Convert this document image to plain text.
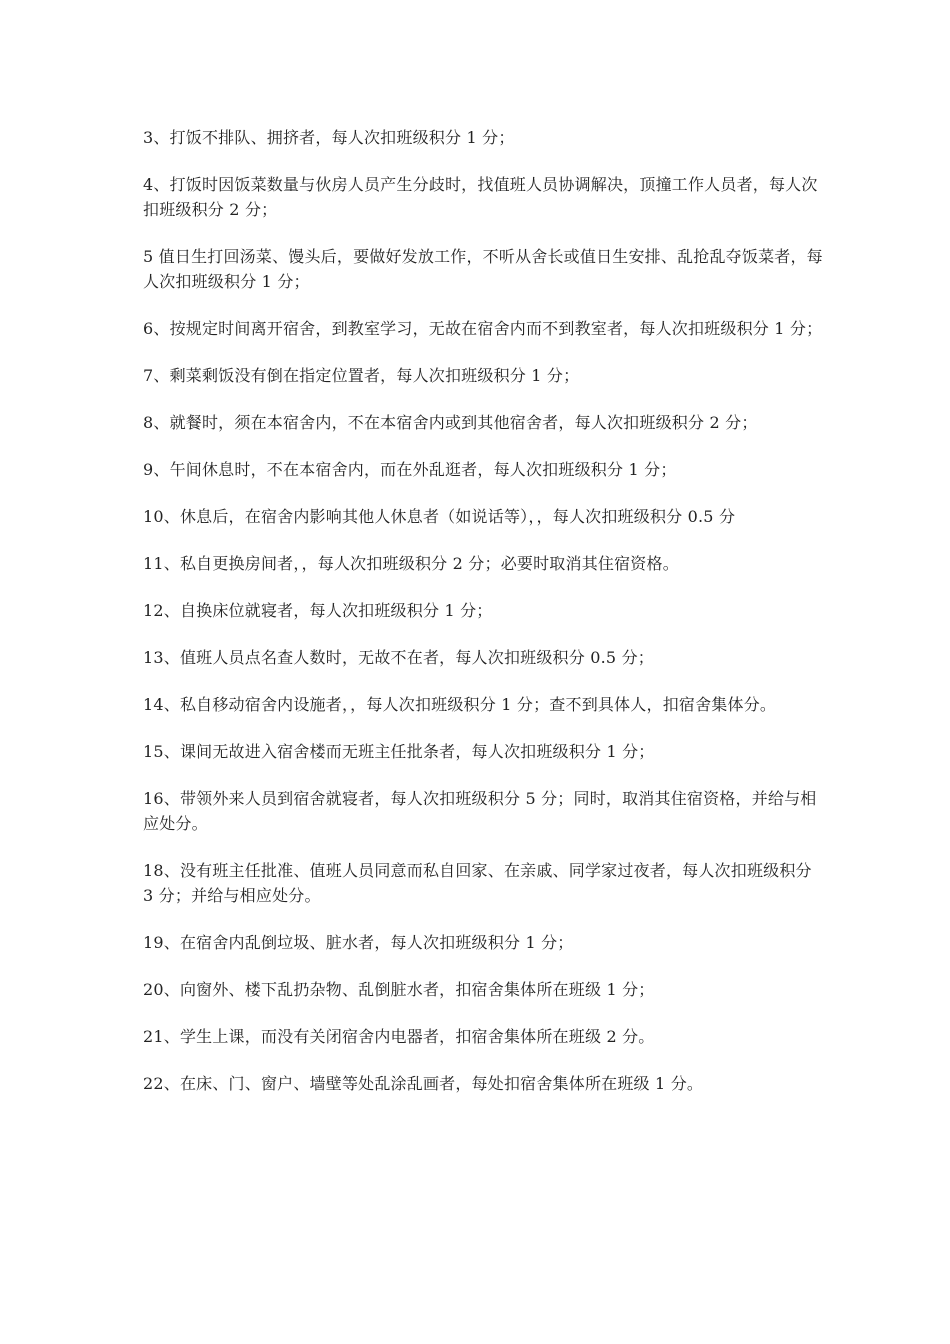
3、打饭不排队、拥挤者，每人次扣班级积分 1 分；
4、打饭时因饭菜数量与伙房人员产生分歧时，找值班人员协调解决，顶撞工作人员者，每人次扣班级积分 2 分；
5 值日生打回汤菜、馒头后，要做好发放工作，不听从舍长或值日生安排、乱抢乱夺饭菜者，每人次扣班级积分 1 分；
6、按规定时间离开宿舍，到教室学习，无故在宿舍内而不到教室者，每人次扣班级积分 1 分；
7、剩菜剩饭没有倒在指定位置者，每人次扣班级积分 1 分；
8、就餐时，须在本宿舍内，不在本宿舍内或到其他宿舍者，每人次扣班级积分 2 分；
9、午间休息时，不在本宿舍内，而在外乱逛者，每人次扣班级积分 1 分；
10、休息后，在宿舍内影响其他人休息者（如说话等），，每人次扣班级积分 0.5 分
11、私自更换房间者，，每人次扣班级积分 2 分；必要时取消其住宿资格。
12、自换床位就寝者，每人次扣班级积分 1 分；
13、值班人员点名查人数时，无故不在者，每人次扣班级积分 0.5 分；
14、私自移动宿舍内设施者，，每人次扣班级积分 1 分；查不到具体人，扣宿舍集体分。
15、课间无故进入宿舍楼而无班主任批条者，每人次扣班级积分 1 分；
16、带领外来人员到宿舍就寝者，每人次扣班级积分 5 分；同时，取消其住宿资格，并给与相应处分。
18、没有班主任批准、值班人员同意而私自回家、在亲戚、同学家过夜者，每人次扣班级积分 3 分；并给与相应处分。
19、在宿舍内乱倒垃圾、脏水者，每人次扣班级积分 1 分；
20、向窗外、楼下乱扔杂物、乱倒脏水者，扣宿舍集体所在班级 1 分；
21、学生上课，而没有关闭宿舍内电器者，扣宿舍集体所在班级 2 分。
22、在床、门、窗户、墙壁等处乱涂乱画者，每处扣宿舍集体所在班级 1 分。
